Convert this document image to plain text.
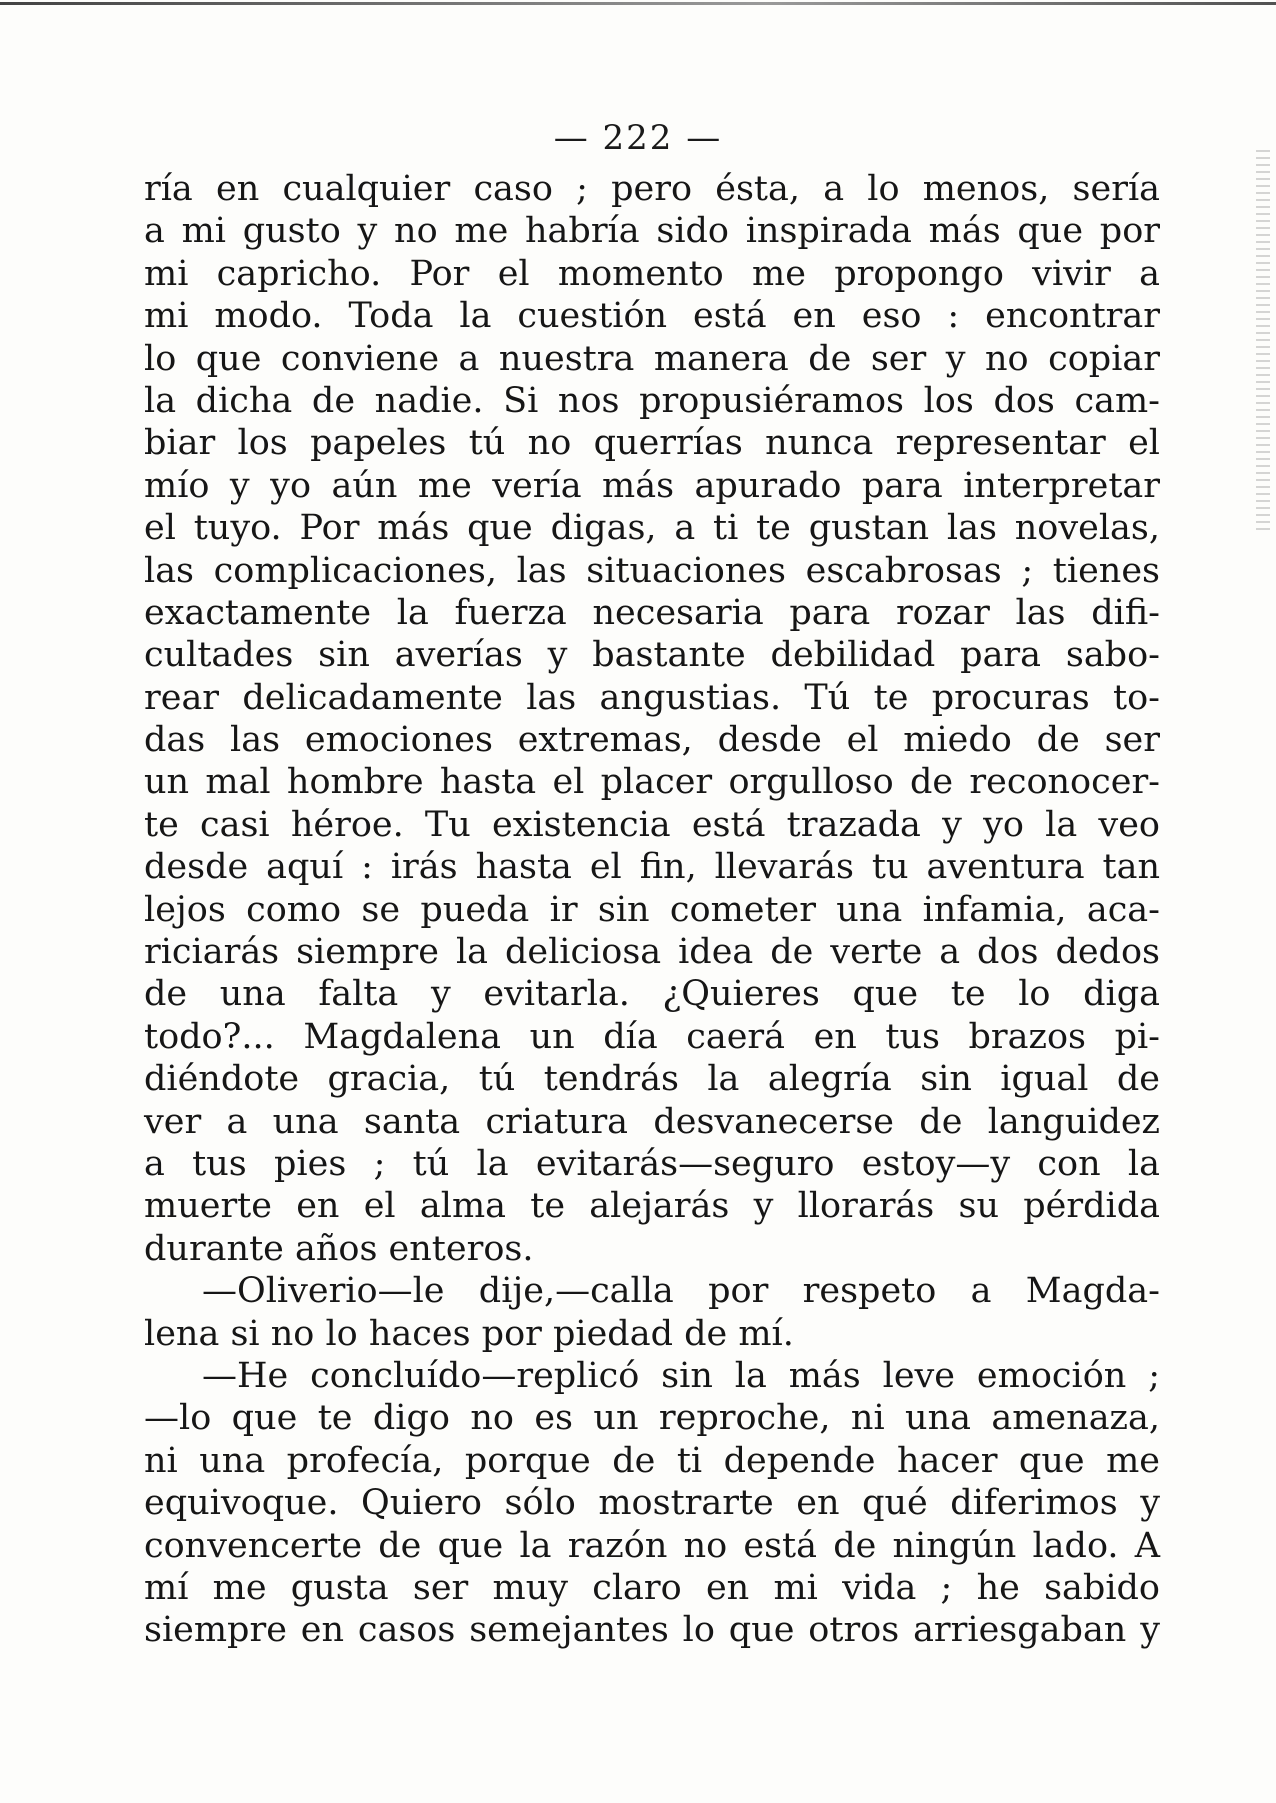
— 222 —
ría en cualquier caso ; pero ésta, a lo menos, sería
a mi gusto y no me habría sido inspirada más que por
mi capricho. Por el momento me propongo vivir a
mi modo. Toda la cuestión está en eso : encontrar
lo que conviene a nuestra manera de ser y no copiar
la dicha de nadie. Si nos propusiéramos los dos cam-
biar los papeles tú no querrías nunca representar el
mío y yo aún me vería más apurado para interpretar
el tuyo. Por más que digas, a ti te gustan las novelas,
las complicaciones, las situaciones escabrosas ; tienes
exactamente la fuerza necesaria para rozar las difi-
cultades sin averías y bastante debilidad para sabo-
rear delicadamente las angustias. Tú te procuras to-
das las emociones extremas, desde el miedo de ser
un mal hombre hasta el placer orgulloso de reconocer-
te casi héroe. Tu existencia está trazada y yo la veo
desde aquí : irás hasta el fin, llevarás tu aventura tan
lejos como se pueda ir sin cometer una infamia, aca-
riciarás siempre la deliciosa idea de verte a dos dedos
de una falta y evitarla. ¿Quieres que te lo diga
todo?... Magdalena un día caerá en tus brazos pi-
diéndote gracia, tú tendrás la alegría sin igual de
ver a una santa criatura desvanecerse de languidez
a tus pies ; tú la evitarás—seguro estoy—y con la
muerte en el alma te alejarás y llorarás su pérdida
durante años enteros.
—Oliverio—le dije,—calla por respeto a Magda-
lena si no lo haces por piedad de mí.
—He concluído—replicó sin la más leve emoción ;
—lo que te digo no es un reproche, ni una amenaza,
ni una profecía, porque de ti depende hacer que me
equivoque. Quiero sólo mostrarte en qué diferimos y
convencerte de que la razón no está de ningún lado. A
mí me gusta ser muy claro en mi vida ; he sabido
siempre en casos semejantes lo que otros arriesgaban y
